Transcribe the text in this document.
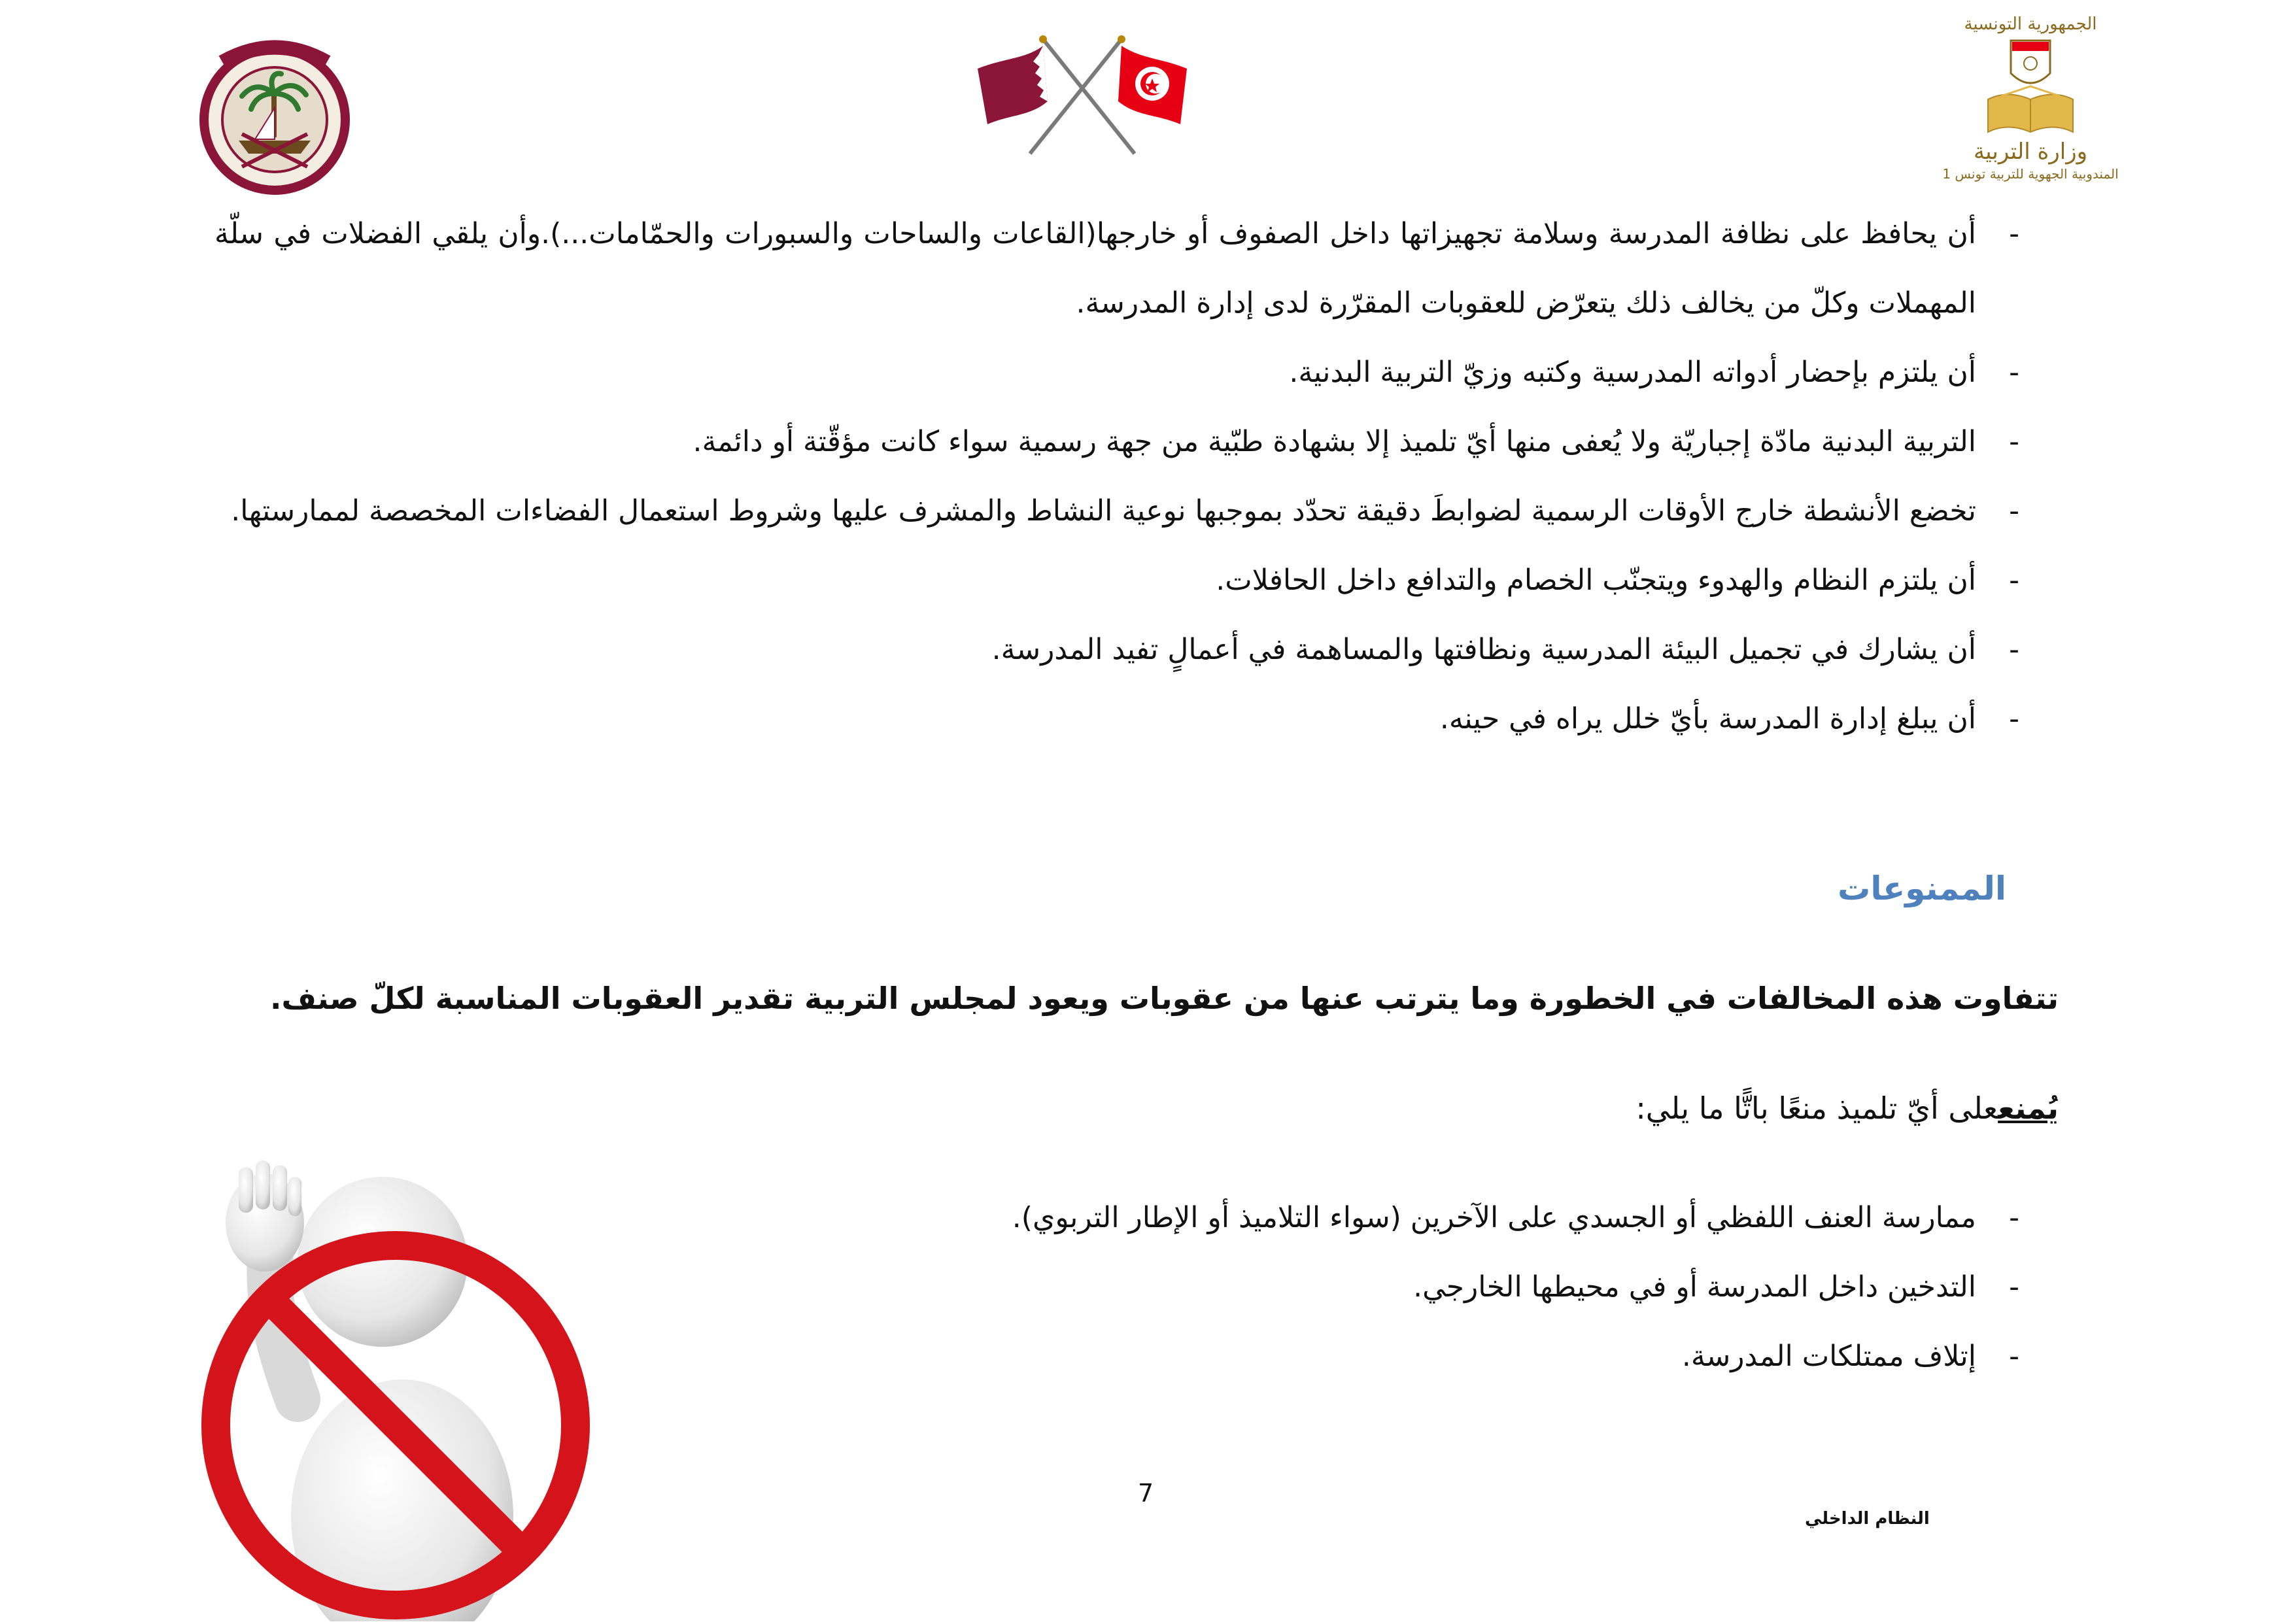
الجمهورية التونسية
وزارة التربية
المندوبية الجهوية للتربية تونس 1
-
أن يحافظ على نظافة المدرسة وسلامة تجهيزاتها داخل الصفوف أو خارجها(القاعات والساحات والسبورات والحمّامات...).وأن يلقي الفضلات في سلّة المهملات وكلّ من يخالف ذلك يتعرّض للعقوبات المقرّرة لدى إدارة المدرسة.
-
أن يلتزم بإحضار أدواته المدرسية وكتبه وزيّ التربية البدنية.
-
التربية البدنية مادّة إجباريّة ولا يُعفى منها أيّ تلميذ إلا بشهادة طبّية من جهة رسمية سواء كانت مؤقّتة أو دائمة.
-
تخضع الأنشطة خارج الأوقات الرسمية لضوابطَ دقيقة تحدّد بموجبها نوعية النشاط والمشرف عليها وشروط استعمال الفضاءات المخصصة لممارستها.
-
أن يلتزم النظام والهدوء ويتجنّب الخصام والتدافع داخل الحافلات.
-
أن يشارك في تجميل البيئة المدرسية ونظافتها والمساهمة في أعمالٍ تفيد المدرسة.
-
أن يبلغ إدارة المدرسة بأيّ خلل يراه في حينه.
الممنوعات
تتفاوت هذه المخالفات في الخطورة وما يترتب عنها من عقوبات ويعود لمجلس التربية تقدير العقوبات المناسبة لكلّ صنف.
يُمنععلى أيّ تلميذ منعًا باتًّا ما يلي:
-
ممارسة العنف اللفظي أو الجسدي على الآخرين (سواء التلاميذ أو الإطار التربوي).
-
التدخين داخل المدرسة أو في محيطها الخارجي.
-
إتلاف ممتلكات المدرسة.
7
النظام الداخلي
